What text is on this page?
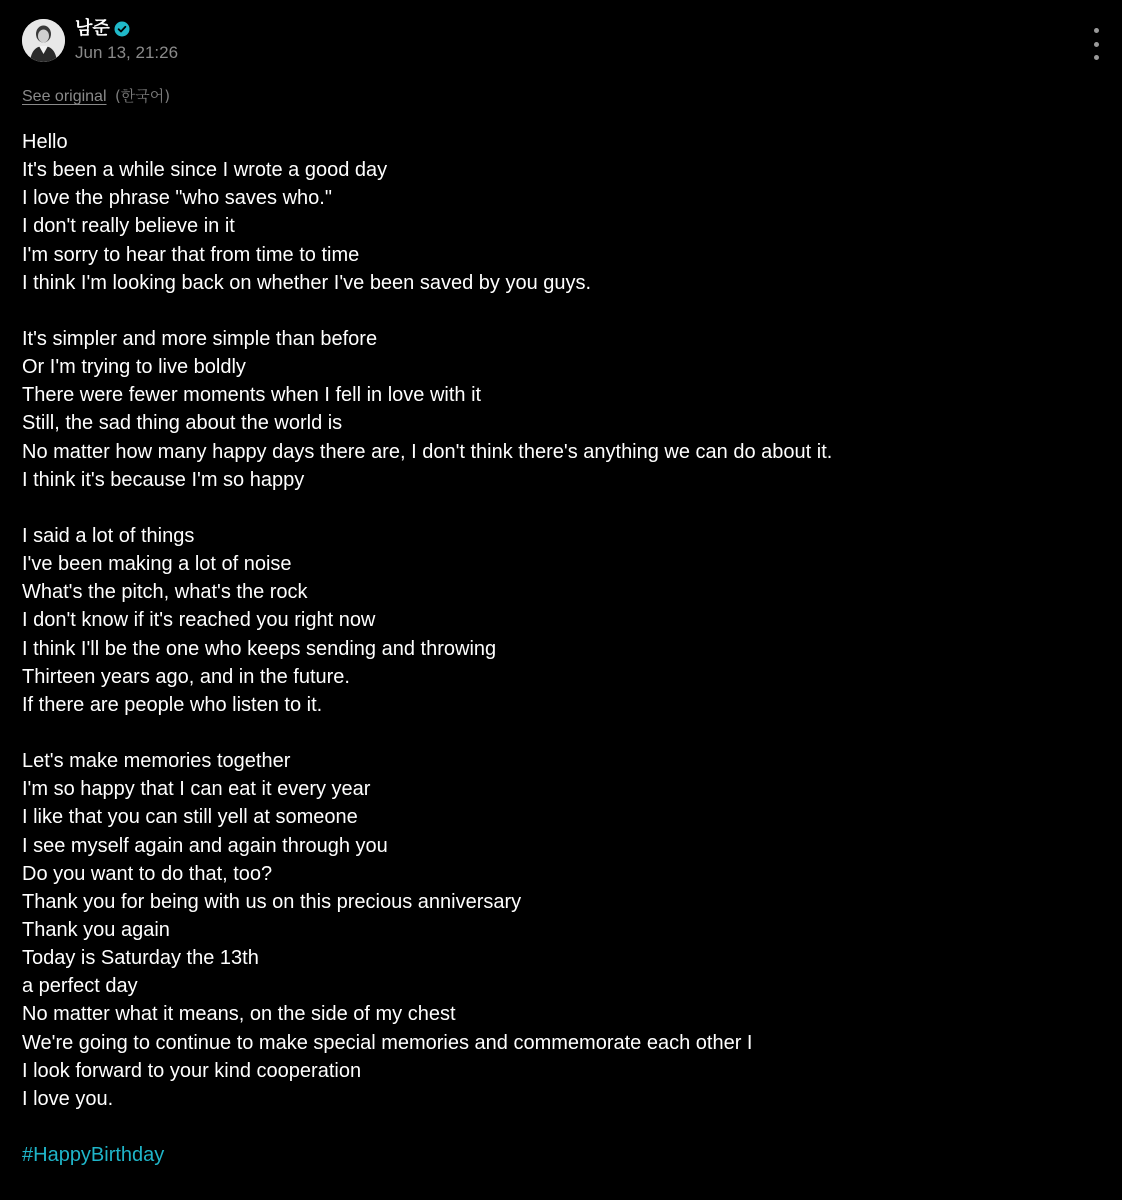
남준
Jun 13, 21:26
See original (한국어)
Hello
It's been a while since I wrote a good day
I love the phrase "who saves who."
I don't really believe in it
I'm sorry to hear that from time to time
I think I'm looking back on whether I've been saved by you guys.
It's simpler and more simple than before
Or I'm trying to live boldly
There were fewer moments when I fell in love with it
Still, the sad thing about the world is
No matter how many happy days there are, I don't think there's anything we can do about it.
I think it's because I'm so happy
I said a lot of things
I've been making a lot of noise
What's the pitch, what's the rock
I don't know if it's reached you right now
I think I'll be the one who keeps sending and throwing
Thirteen years ago, and in the future.
If there are people who listen to it.
Let's make memories together
I'm so happy that I can eat it every year
I like that you can still yell at someone
I see myself again and again through you
Do you want to do that, too?
Thank you for being with us on this precious anniversary
Thank you again
Today is Saturday the 13th
a perfect day
No matter what it means, on the side of my chest
We're going to continue to make special memories and commemorate each other I
I look forward to your kind cooperation
I love you.
#HappyBirthday
